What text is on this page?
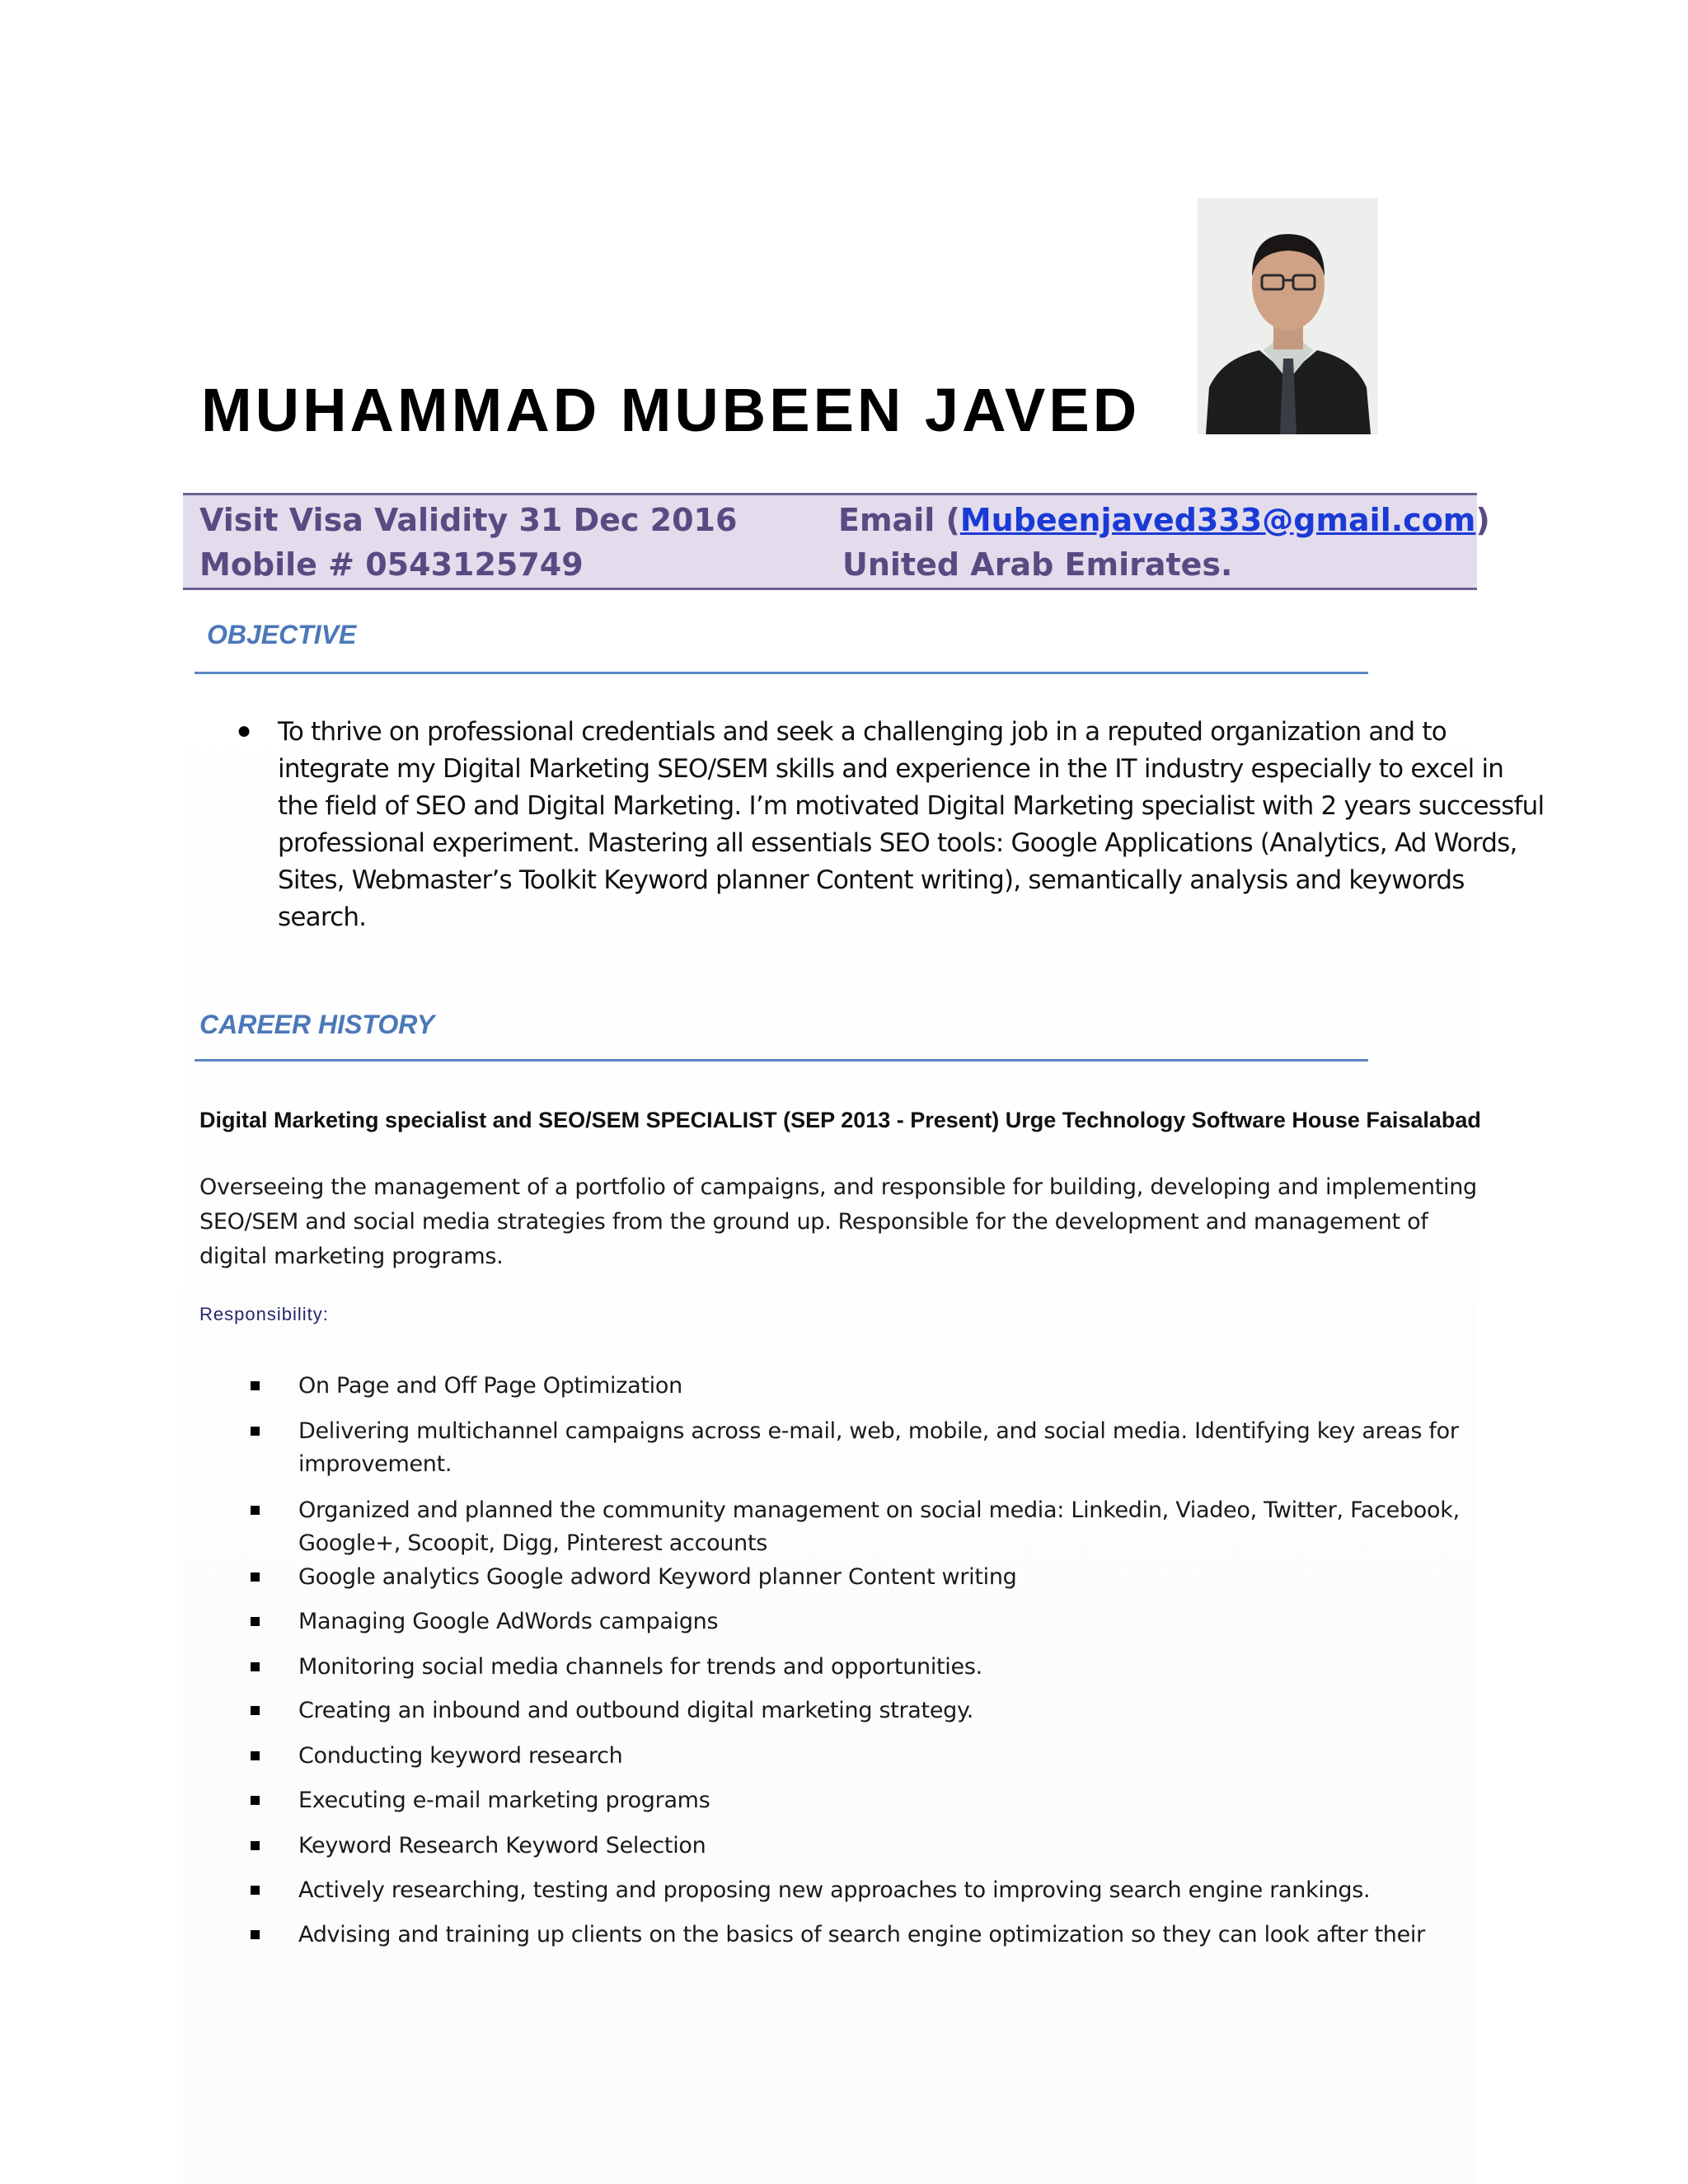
MUHAMMAD MUBEEN JAVED
Visit Visa Validity 31 Dec 2016	Email (Mubeenjaved333@gmail.com)
Mobile # 0543125749	United Arab Emirates.
OBJECTIVE
● To thrive on professional credentials and seek a challenging job in a reputed organization and to integrate my Digital Marketing SEO/SEM skills and experience in the IT industry especially to excel in the field of SEO and Digital Marketing. I’m motivated Digital Marketing specialist with 2 years successful professional experiment. Mastering all essentials SEO tools: Google Applications (Analytics, Ad Words, Sites, Webmaster’s Toolkit Keyword planner Content writing), semantically analysis and keywords search.
CAREER HISTORY
Digital Marketing specialist and SEO/SEM SPECIALIST (SEP 2013 - Present) Urge Technology Software House Faisalabad
Overseeing the management of a portfolio of campaigns, and responsible for building, developing and implementing SEO/SEM and social media strategies from the ground up. Responsible for the development and management of digital marketing programs.
Responsibility:
On Page and Off Page Optimization
Delivering multichannel campaigns across e-mail, web, mobile, and social media. Identifying key areas for improvement.
Organized and planned the community management on social media: Linkedin, Viadeo, Twitter, Facebook, Google+, Scoopit, Digg, Pinterest accounts
Google analytics Google adword Keyword planner Content writing
Managing Google AdWords campaigns
Monitoring social media channels for trends and opportunities.
Creating an inbound and outbound digital marketing strategy.
Conducting keyword research
Executing e-mail marketing programs
Keyword Research Keyword Selection
Actively researching, testing and proposing new approaches to improving search engine rankings.
Advising and training up clients on the basics of search engine optimization so they can look after their
